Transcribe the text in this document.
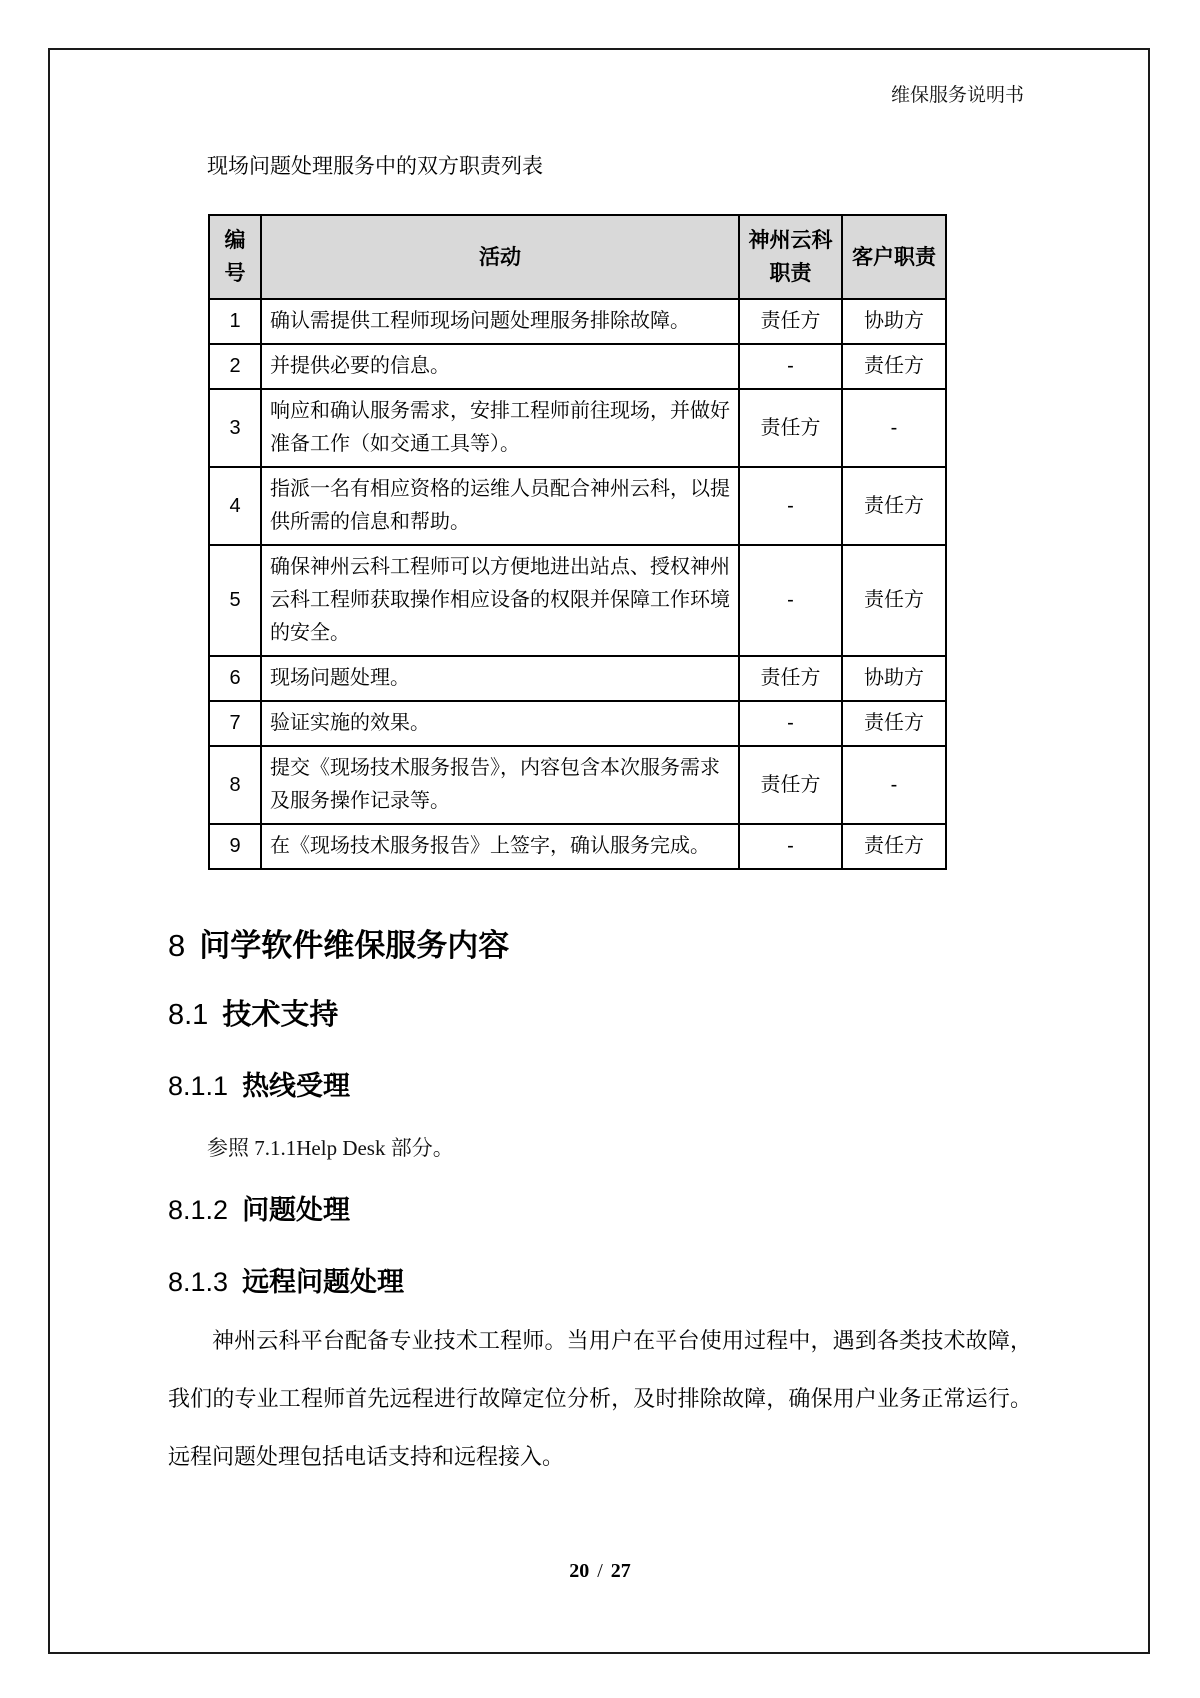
维保服务说明书
现场问题处理服务中的双方职责列表
编号	活动	神州云科职责	客户职责
1	确认需提供工程师现场问题处理服务排除故障。	责任方	协助方
2	并提供必要的信息。	-	责任方
3	响应和确认服务需求，安排工程师前往现场，并做好准备工作（如交通工具等）。	责任方	-
4	指派一名有相应资格的运维人员配合神州云科，以提供所需的信息和帮助。	-	责任方
5	确保神州云科工程师可以方便地进出站点、授权神州云科工程师获取操作相应设备的权限并保障工作环境的安全。	-	责任方
6	现场问题处理。	责任方	协助方
7	验证实施的效果。	-	责任方
8	提交《现场技术服务报告》，内容包含本次服务需求及服务操作记录等。	责任方	-
9	在《现场技术服务报告》上签字，确认服务完成。	-	责任方
8 问学软件维保服务内容
8.1 技术支持
8.1.1 热线受理
参照 7.1.1Help Desk 部分。
8.1.2 问题处理
8.1.3 远程问题处理
神州云科平台配备专业技术工程师。当用户在平台使用过程中，遇到各类技术故障，我们的专业工程师首先远程进行故障定位分析，及时排除故障，确保用户业务正常运行。远程问题处理包括电话支持和远程接入。
20 / 27
